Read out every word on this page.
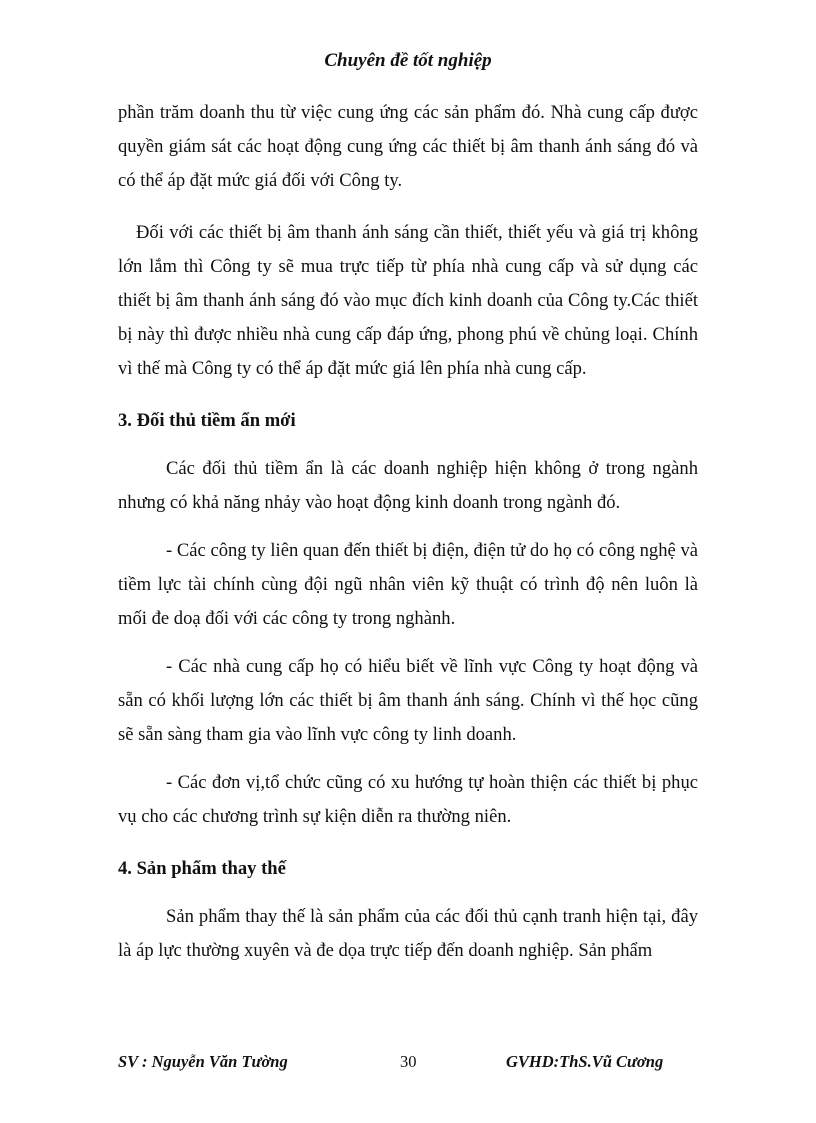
Chuyên đề tốt nghiệp

phần trăm doanh thu từ việc cung ứng các sản phẩm đó. Nhà cung cấp được quyền giám sát các hoạt động cung ứng các thiết bị âm thanh ánh sáng đó và có thể áp đặt mức giá đối với Công ty.

Đối với các thiết bị âm thanh ánh sáng cần thiết, thiết yếu và giá trị không lớn lắm thì Công ty sẽ mua trực tiếp từ phía nhà cung cấp và sử dụng các thiết bị âm thanh ánh sáng đó vào mục đích kinh doanh của Công ty.Các thiết bị này thì được nhiều nhà cung cấp đáp ứng, phong phú về chủng loại. Chính vì thế mà Công ty có thể áp đặt mức giá lên phía nhà cung cấp.

3. Đối thủ tiềm ẩn mới

Các đối thủ tiềm ẩn là các doanh nghiệp hiện không ở trong ngành nhưng có khả năng nhảy vào hoạt động kinh doanh trong ngành đó.

- Các công ty liên quan đến thiết bị điện, điện tử do họ có công nghệ và tiềm lực tài chính cùng đội ngũ nhân viên kỹ thuật có trình độ nên luôn là mối đe doạ đối với các công ty trong nghành.

- Các nhà cung cấp họ có hiểu biết về lĩnh vực Công ty hoạt động và sẵn có khối lượng lớn các thiết bị âm thanh ánh sáng. Chính vì thế học cũng sẽ sẵn sàng tham gia vào lĩnh vực công ty linh doanh.

- Các đơn vị,tổ chức cũng có xu hướng tự hoàn thiện các thiết bị phục vụ cho các chương trình sự kiện diễn ra thường niên.

4. Sản phẩm thay thế

Sản phẩm thay thế là sản phẩm của các đối thủ cạnh tranh hiện tại, đây là áp lực thường xuyên và đe dọa trực tiếp đến doanh nghiệp. Sản phẩm

SV : Nguyễn Văn Tường	30	GVHD:ThS.Vũ Cương
